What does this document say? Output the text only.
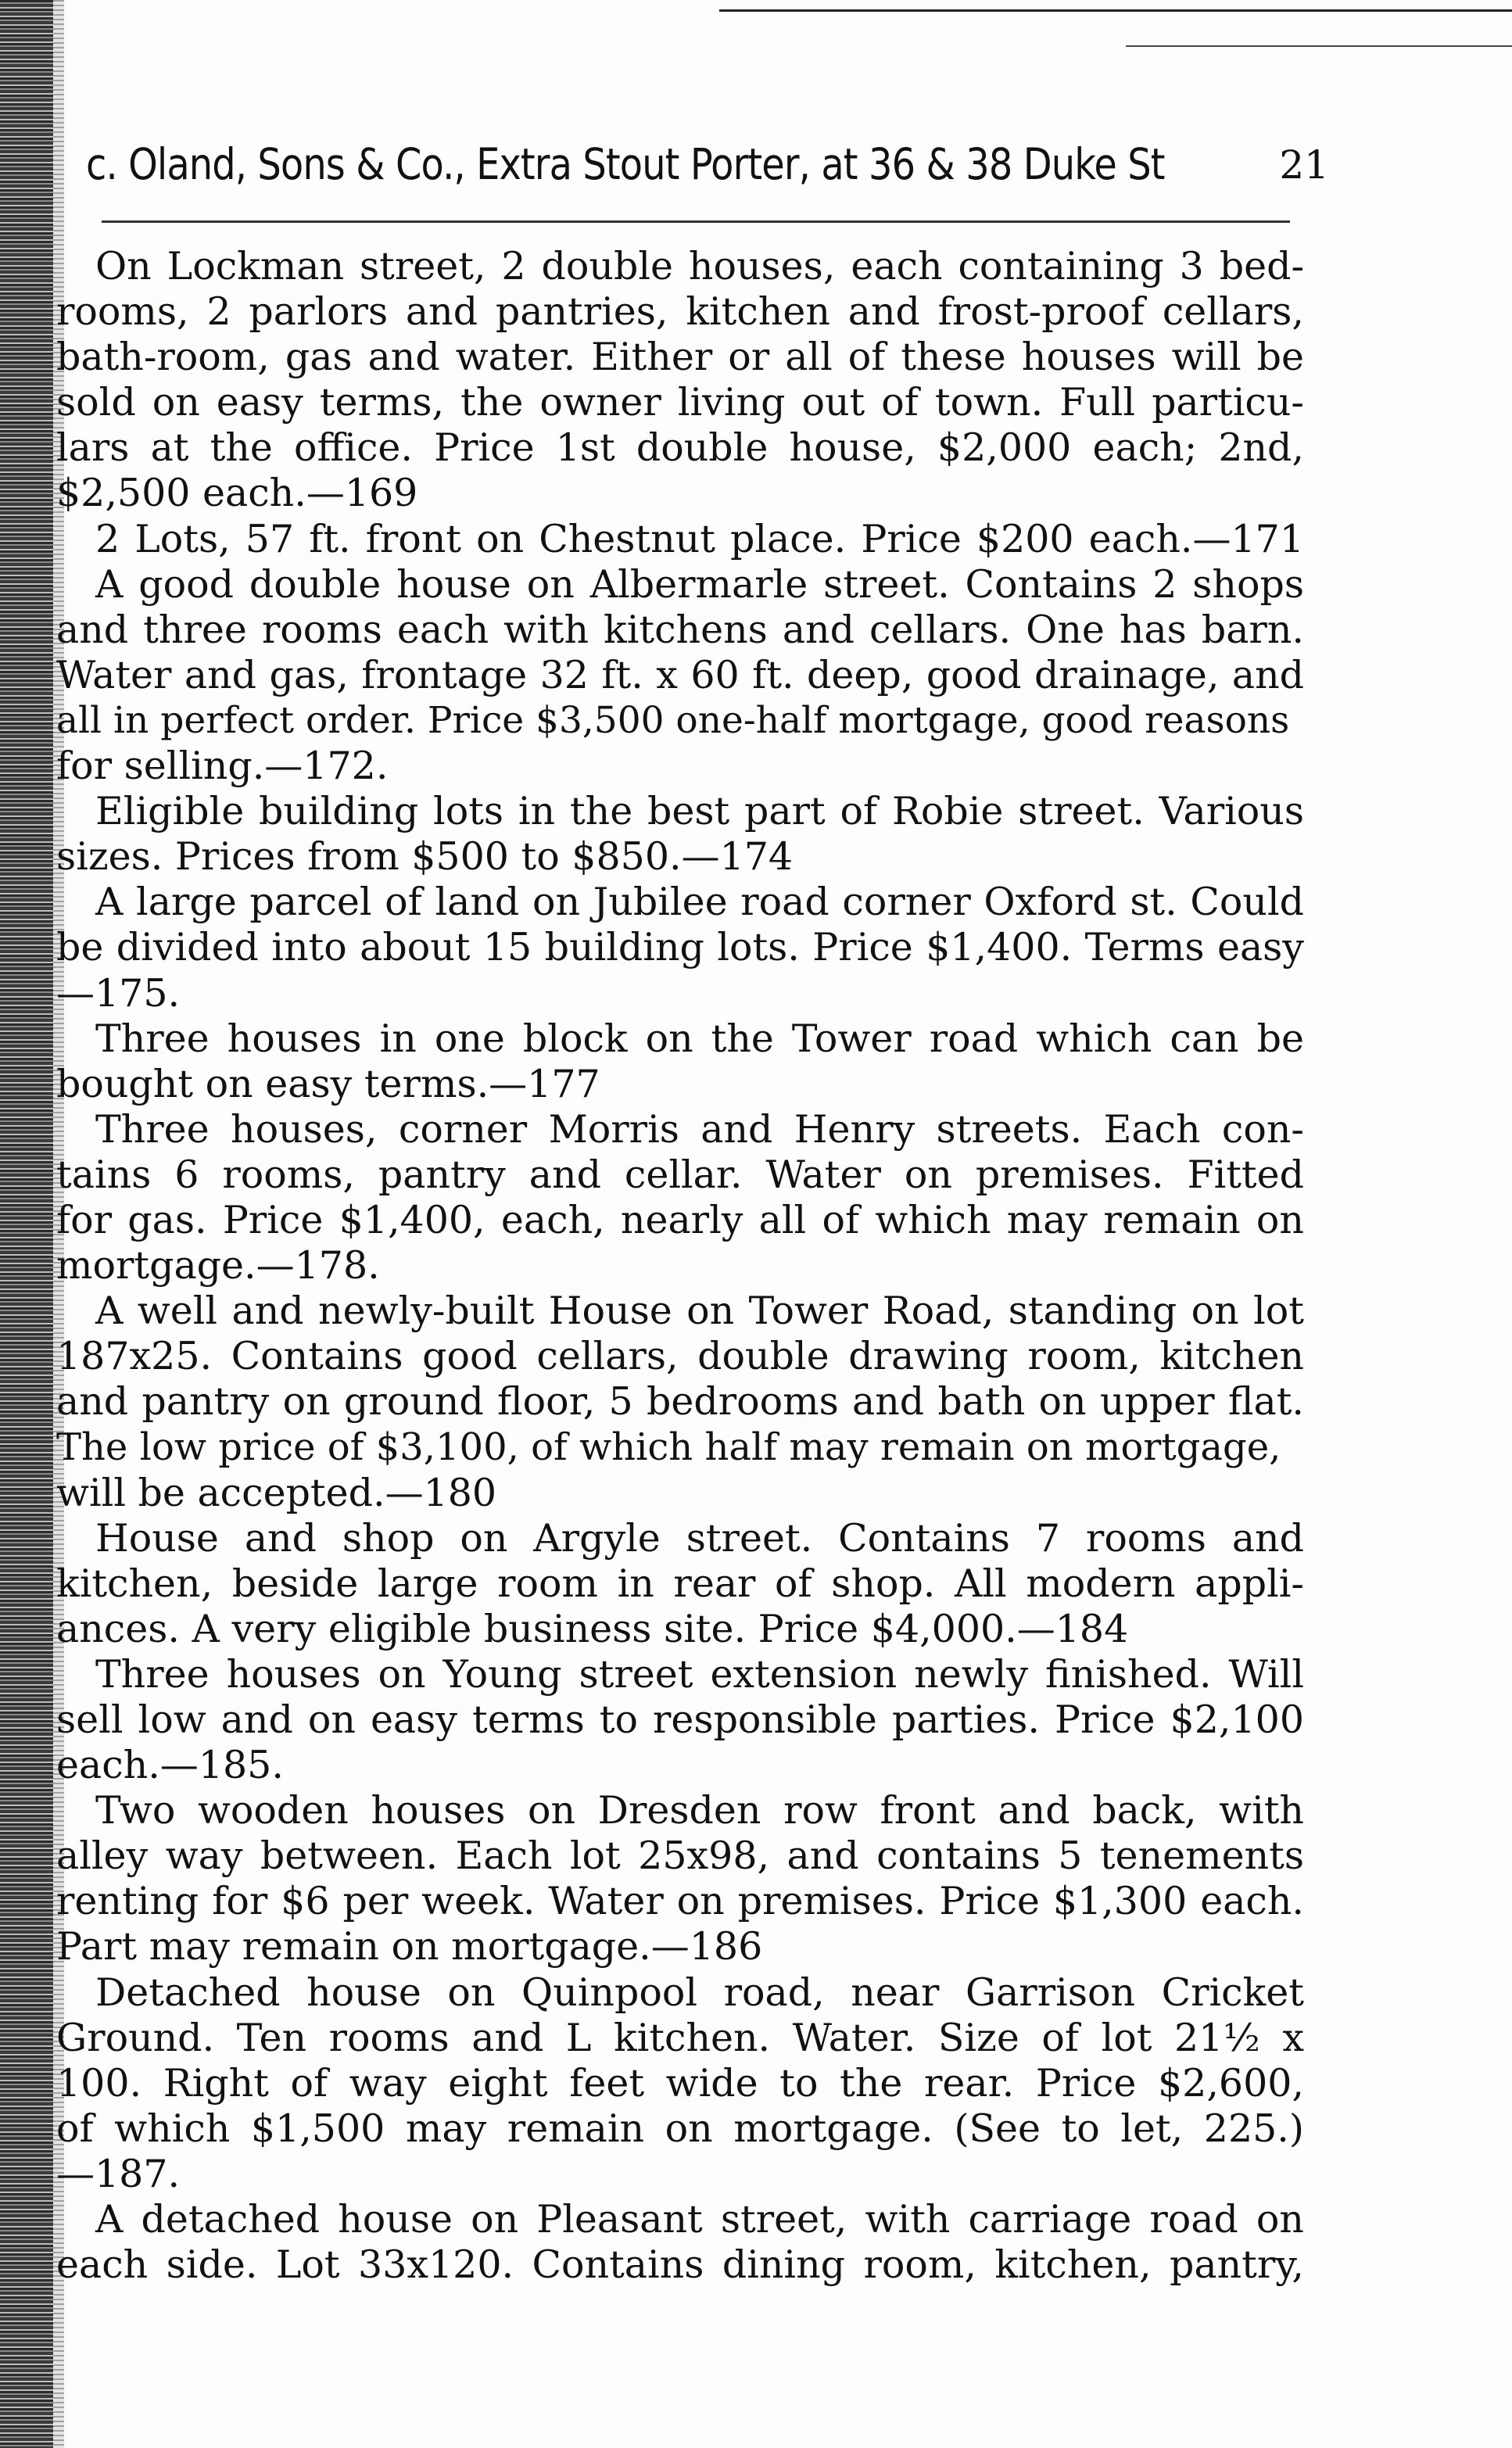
c. Oland, Sons & Co., Extra Stout Porter, at 36 & 38 Duke St	21
On Lockman street, 2 double houses, each containing 3 bed-
rooms, 2 parlors and pantries, kitchen and frost-proof cellars,
bath-room, gas and water. Either or all of these houses will be
sold on easy terms, the owner living out of town. Full particu-
lars at the office. Price 1st double house, $2,000 each; 2nd,
$2,500 each.—169
2 Lots, 57 ft. front on Chestnut place. Price $200 each.—171
A good double house on Albermarle street. Contains 2 shops
and three rooms each with kitchens and cellars. One has barn.
Water and gas, frontage 32 ft. x 60 ft. deep, good drainage, and
all in perfect order. Price $3,500 one-half mortgage, good reasons
for selling.—172.
Eligible building lots in the best part of Robie street. Various
sizes. Prices from $500 to $850.—174
A large parcel of land on Jubilee road corner Oxford st. Could
be divided into about 15 building lots. Price $1,400. Terms easy
—175.
Three houses in one block on the Tower road which can be
bought on easy terms.—177
Three houses, corner Morris and Henry streets. Each con-
tains 6 rooms, pantry and cellar. Water on premises. Fitted
for gas. Price $1,400, each, nearly all of which may remain on
mortgage.—178.
A well and newly-built House on Tower Road, standing on lot
187x25. Contains good cellars, double drawing room, kitchen
and pantry on ground floor, 5 bedrooms and bath on upper flat.
The low price of $3,100, of which half may remain on mortgage,
will be accepted.—180
House and shop on Argyle street. Contains 7 rooms and
kitchen, beside large room in rear of shop. All modern appli-
ances. A very eligible business site. Price $4,000.—184
Three houses on Young street extension newly finished. Will
sell low and on easy terms to responsible parties. Price $2,100
each.—185.
Two wooden houses on Dresden row front and back, with
alley way between. Each lot 25x98, and contains 5 tenements
renting for $6 per week. Water on premises. Price $1,300 each.
Part may remain on mortgage.—186
Detached house on Quinpool road, near Garrison Cricket
Ground. Ten rooms and L kitchen. Water. Size of lot 21½ x
100. Right of way eight feet wide to the rear. Price $2,600,
of which $1,500 may remain on mortgage. (See to let, 225.)
—187.
A detached house on Pleasant street, with carriage road on
each side. Lot 33x120. Contains dining room, kitchen, pantry,
